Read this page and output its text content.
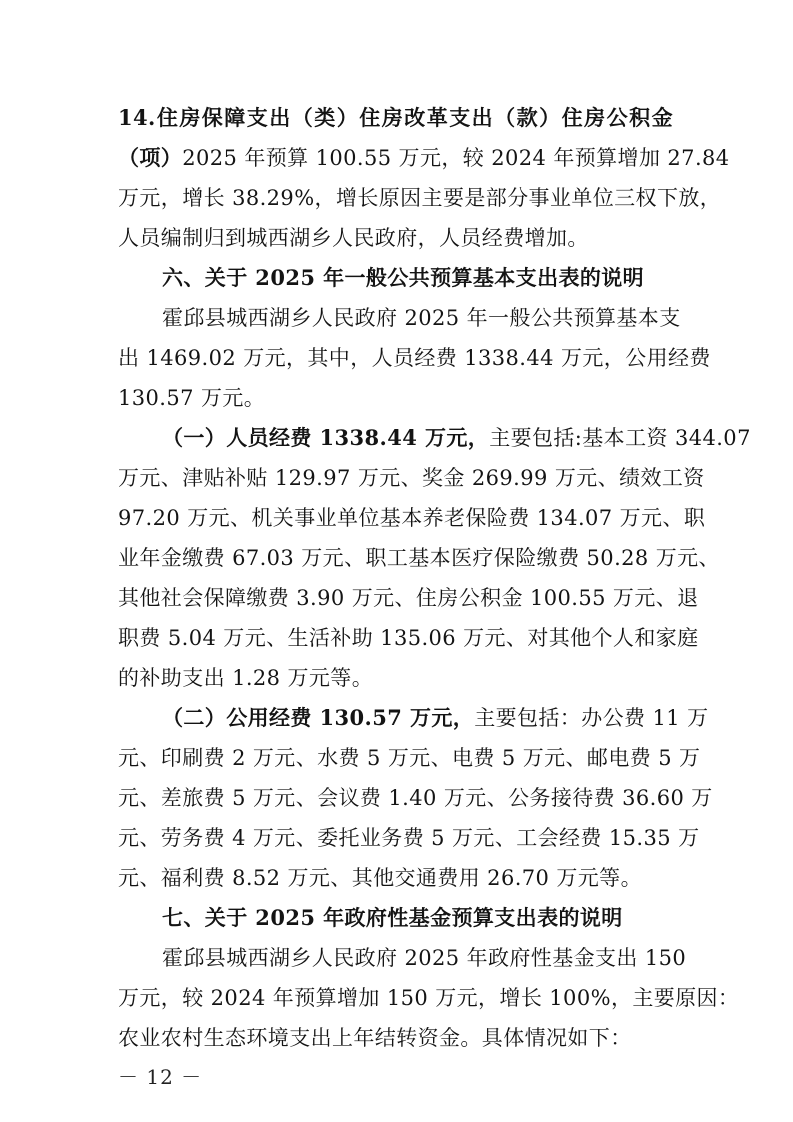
14.住房保障支出（类）住房改革支出（款）住房公积金
（项）2025 年预算 100.55 万元，较 2024 年预算增加 27.84
万元，增长 38.29%，增长原因主要是部分事业单位三权下放，
人员编制归到城西湖乡人民政府，人员经费增加。
六、关于 2025 年一般公共预算基本支出表的说明
霍邱县城西湖乡人民政府 2025 年一般公共预算基本支
出 1469.02 万元，其中，人员经费 1338.44 万元，公用经费
130.57 万元。
（一）人员经费 1338.44 万元，主要包括:基本工资 344.07
万元、津贴补贴 129.97 万元、奖金 269.99 万元、绩效工资
97.20 万元、机关事业单位基本养老保险费 134.07 万元、职
业年金缴费 67.03 万元、职工基本医疗保险缴费 50.28 万元、
其他社会保障缴费 3.90 万元、住房公积金 100.55 万元、退
职费 5.04 万元、生活补助 135.06 万元、对其他个人和家庭
的补助支出 1.28 万元等。
（二）公用经费 130.57 万元，主要包括：办公费 11 万
元、印刷费 2 万元、水费 5 万元、电费 5 万元、邮电费 5 万
元、差旅费 5 万元、会议费 1.40 万元、公务接待费 36.60 万
元、劳务费 4 万元、委托业务费 5 万元、工会经费 15.35 万
元、福利费 8.52 万元、其他交通费用 26.70 万元等。
七、关于 2025 年政府性基金预算支出表的说明
霍邱县城西湖乡人民政府 2025 年政府性基金支出 150
万元，较 2024 年预算增加 150 万元，增长 100%，主要原因：
农业农村生态环境支出上年结转资金。具体情况如下：
－ 12 －
